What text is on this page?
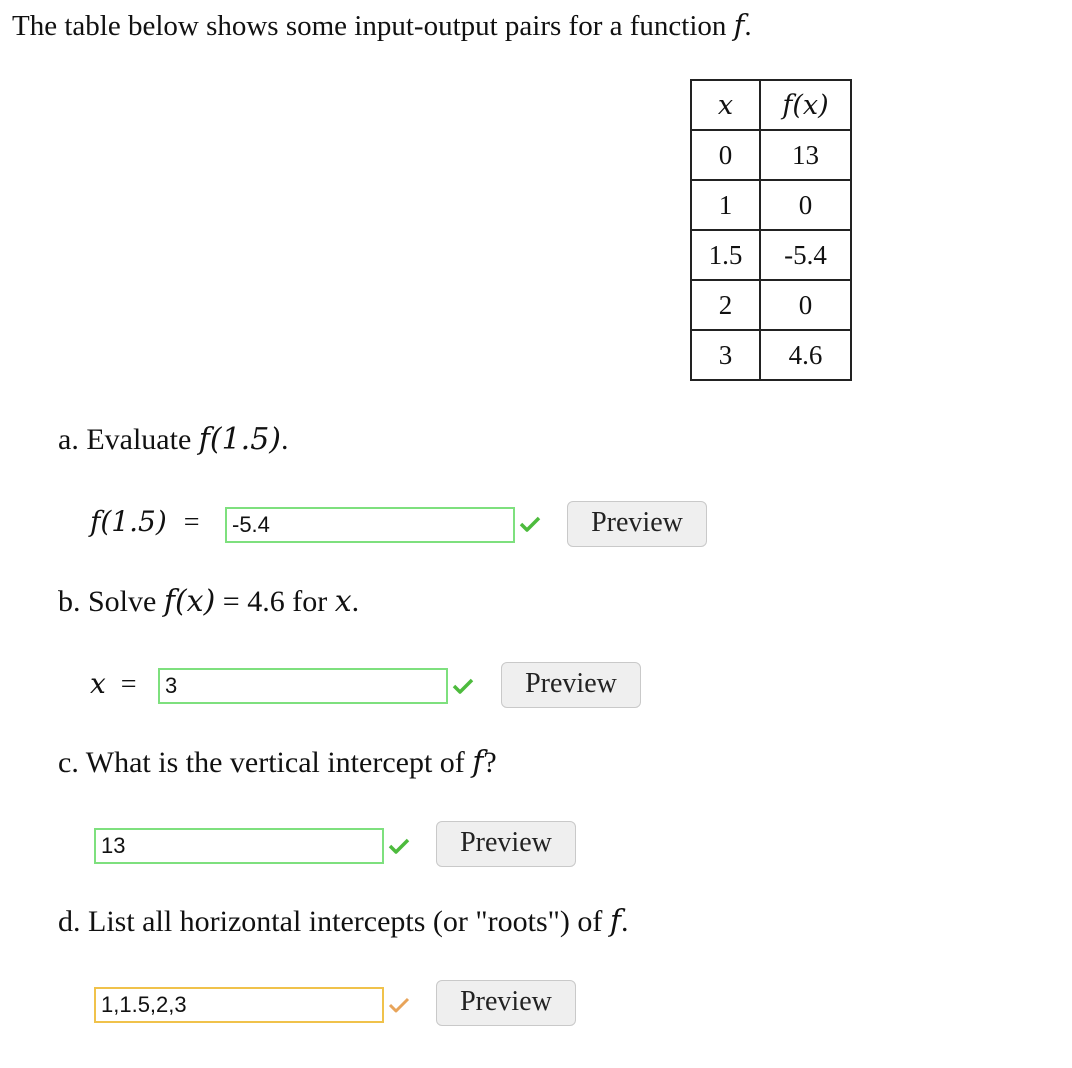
The table below shows some input-output pairs for a function f.
x	f(x)
0	13
1	0
1.5	-5.4
2	0
3	4.6
a. Evaluate f(1.5).
f(1.5) =	-5.4	Preview
b. Solve f(x) = 4.6 for x.
x =	3	Preview
c. What is the vertical intercept of f?
13	Preview
d. List all horizontal intercepts (or "roots") of f.
1,1.5,2,3	Preview
